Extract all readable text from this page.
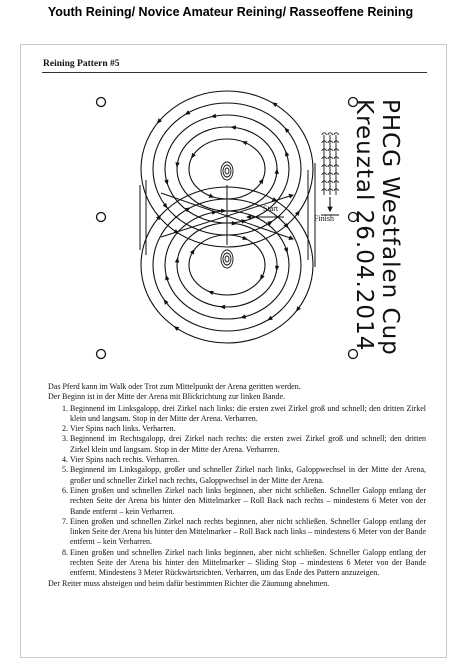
Youth Reining/ Novice Amateur Reining/ Rasseoffene Reining
Reining Pattern #5
Start
Finish

Das Pferd kann im Walk oder Trot zum Mittelpunkt der Arena geritten werden.

Der Beginn ist in der Mitte der Arena mit Blickrichtung zur linken Bande.

1. Beginnend im Linksgalopp, drei Zirkel nach links: die ersten zwei Zirkel groß und schnell; den dritten Zirkel klein und langsam. Stop in der Mitte der Arena. Verharren.
2. Vier Spins nach links. Verharren.
3. Beginnend im Rechtsgalopp, drei Zirkel nach rechts: die ersten zwei Zirkel groß und schnell; den dritten Zirkel klein und langsam. Stop in der Mitte der Arena. Verharren.
4. Vier Spins nach rechts. Verharren.
5. Beginnend im Linksgalopp, großer und schneller Zirkel nach links, Galoppwechsel in der Mitte der Arena, großer und schneller Zirkel nach rechts, Galoppwechsel in der Mitte der Arena.
6. Einen großen und schnellen Zirkel nach links beginnen, aber nicht schließen. Schneller Galopp entlang der rechten Seite der Arena bis hinter den Mittelmarker – Roll Back nach rechts – mindestens 6 Meter von der Bande entfernt – kein Verharren.
7. Einen großen und schnellen Zirkel nach rechts beginnen, aber nicht schließen. Schneller Galopp entlang der linken Seite der Arena bis hinter den Mittelmarker – Roll Back nach links – mindestens 6 Meter von der Bande entfernt – kein Verharren.
8. Einen großen und schnellen Zirkel nach links beginnen, aber nicht schließen. Schneller Galopp entlang der rechten Seite der Arena bis hinter den Mittelmarker – Sliding Stop – mindestens 6 Meter von der Bande entfernt. Mindestens 3 Meter Rückwärtsrichten. Verharren, um das Ende des Pattern anzuzeigen.

Der Reiter muss absteigen und beim dafür bestimmten Richter die Zäumung abnehmen.

PHCG Westfalen Cup
Kreuztal 26.04.2014
